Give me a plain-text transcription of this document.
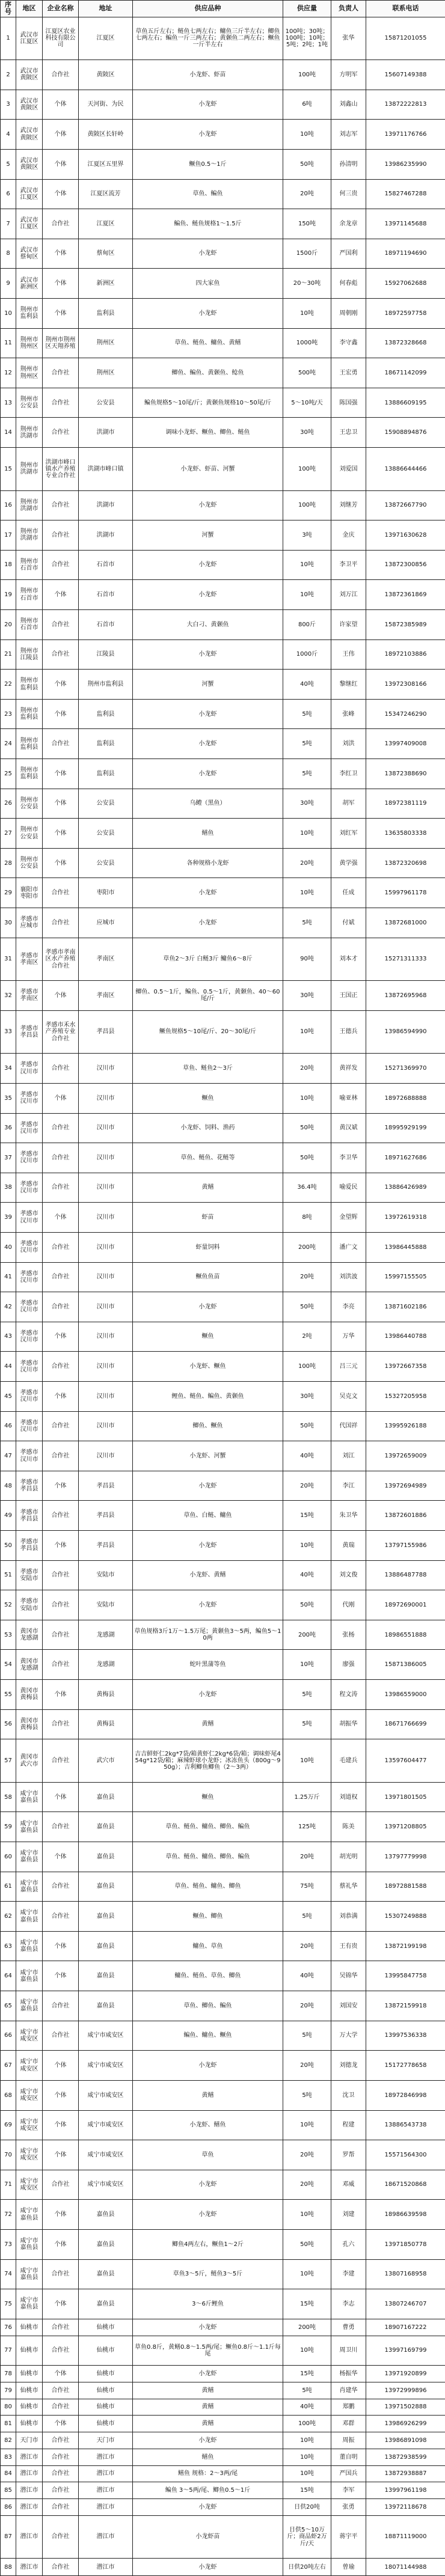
序号	地区	企业名称	地址	供应品种	供应量	负责人	联系电话
1	武汉市江夏区	江夏区农业科技有限公司	江夏区	草鱼五斤左右；鲢鱼七两左右；鳙鱼三斤半左右；鲫鱼七两左右；鳊鱼一斤三两左右；黄颡鱼二两左右；鳜鱼一斤半左右	100吨；30吨；100吨；10吨；5吨；2吨；1吨	张华	15871201055
2	武汉市黄陂区	合作社	黄陂区	小龙虾、虾苗	100吨	方明军	15607149388
3	武汉市黄陂区	个体	天河街、为民	小龙虾	6吨	刘鑫山	13872222813
4	武汉市黄陂区	个体	黄陂区长轩岭	小龙虾	10吨	刘志军	13971176766
5	武汉市黄陂区	个体	江夏区五里界	鳜鱼0.5～1斤	50吨	孙清明	13986235990
6	武汉市江夏区	个体	江夏区流芳	草鱼、鳊鱼	20吨	何三贵	15827467288
7	武汉市江夏区	合作社	江夏区	鳊鱼、鲢鱼规格1～1.5斤	150吨	余龙章	13971145688
8	武汉市蔡甸区	个体	蔡甸区	小龙虾	1500斤	严国利	18971194690
9	武汉市新洲区	个体	新洲区	四大家鱼	20～30吨	何春彪	15927062688
10	荆州市监利县	个体	监利县	小龙虾	10吨	周朝刚	18972597758
11	荆州市荆州区	荆州市荆州区天翔养殖	荆州区	草鱼、鲢鱼、鳙鱼、黄鳝	1000吨	李守鑫	13872328668
12	荆州市荆州区	合作社	荆州区	鲫鱼、鳊鱼、黄颡鱼、鲶鱼	500吨	王宏勇	18671142099
13	荆州市公安县	合作社	公安县	鳊鱼规格5～10尾/斤；黄颡鱼规格10～50尾/斤	5～10吨/天	陈国强	13886609195
14	荆州市洪湖市	合作社	洪湖市	调味小龙虾、鳜鱼、鲫鱼、鲢鱼	30吨	王忠卫	15908894876
15	荆州市洪湖市	洪湖市峰口镇水产养殖专业合作社	洪湖市峰口镇	小龙虾、虾苗、河蟹	100吨	刘爱国	13886644466
16	荆州市洪湖市	合作社	洪湖市	小龙虾	100吨	刘继芳	13872667790
17	荆州市洪湖市	合作社	洪湖市	河蟹	3吨	金庆	13971630628
18	荆州市石首市	合作社	石首市	小龙虾	10吨	李卫平	13872300856
19	荆州市石首市	个体	石首市	小龙虾	10吨	刘万江	13872361869
20	荆州市石首市	合作社	石首市	大白刁、黄颡鱼	800斤	许家望	15872385989
21	荆州市江陵县	合作社	江陵县	小龙虾	1000斤	王伟	18972103886
22	荆州市监利县	个体	荆州市监利县	河蟹	40吨	黎继红	13972308166
23	荆州市监利县	个体	监利县	小龙虾	5吨	张峰	15347246290
24	荆州市监利县	合作社	监利县	小龙虾	5吨	刘洪	13997409008
25	荆州市监利县	个体	监利县	小龙虾	5吨	李红卫	13872388690
26	荆州市公安县	个体	公安县	乌鳢（黑鱼）	30吨	胡军	18972381119
27	荆州市公安县	个体	公安县	鳝鱼	10吨	刘红军	13635803338
28	荆州市公安县	个体	公安县	各种规格小龙虾	20吨	黄学强	13872320698
29	襄阳市枣阳市	合作社	枣阳市	小龙虾	10吨	任成	15997961178
30	孝感市应城市	合作社	应城市	小龙虾	5吨	付斌	13872681000
31	孝感市孝南区	孝感市孝南区水产养殖合作社	孝南区	草鱼2～3斤 白鲢3斤 鳙鱼6～8斤	90吨	刘本才	15271311333
32	孝感市孝南区	个体	孝南区	鲫鱼、0.5～1斤，鳊鱼、0.5～1斤，黄颡鱼、40～60尾/斤	30吨	王国正	13872695968
33	孝感市孝昌县	孝感市禾水产养殖专业合作社	孝昌县	鳜鱼规格5～10尾/斤、20～30尾/斤	10吨	王德兵	13986594990
34	孝感市汉川市	合作社	汉川市	草鱼、鲢鱼2～3斤	20吨	黄祥发	15271369970
35	孝感市汉川市	个体	汉川市	鳜鱼	10吨	喻亚林	18972688888
36	孝感市汉川市	合作社	汉川市	小龙虾、饲料、渔药	50吨	黄汉斌	18995929199
37	孝感市汉川市	合作社	汉川市	草鱼、鲢鱼、花鲢等	50吨	李卫华	18971627686
38	孝感市汉川市	合作社	汉川市	黄鳝	36.4吨	喻爱民	13886426989
39	孝感市汉川市	个体	汉川市	虾苗	8吨	金望辉	13972619318
40	孝感市汉川市	合作社	汉川市	虾量饲料	200吨	潘广文	13986445888
41	孝感市汉川市	合作社	汉川市	鳜鱼鱼苗	20吨	刘洪波	15997155505
42	孝感市汉川市	合作社	汉川市	小龙虾	50吨	李亮	13871602186
43	孝感市汉川市	个体	汉川市	鳜鱼	2吨	万华	13986440788
44	孝感市汉川市	合作社	汉川市	小龙虾、鳜鱼	100吨	吕三元	13972667358
45	孝感市汉川市	个体	汉川市	鲤鱼、鲢鱼、鳊鱼、黄颡鱼	30吨	吴克文	15327205958
46	孝感市汉川市	合作社	汉川市	鲫鱼、鳜鱼	50吨	代国祥	13995926188
47	孝感市汉川市	合作社	汉川市	小龙虾、河蟹	40吨	刘江	13972659009
48	孝感市孝昌县	个体	孝昌县	小龙虾	20吨	李江	13972694989
49	孝感市孝昌县	合作社	孝昌县	草鱼、白鲢、鳙鱼	15吨	朱卫华	13872601886
50	孝感市孝昌县	个体	孝昌县	小龙虾	10吨	黄瑞	13797155986
51	孝感市安陆市	合作社	安陆市	小龙虾、黄鳝	40吨	刘文俊	13886487788
52	孝感市安陆市	合作社	安陆市	小龙虾	50吨	代刚	18972690001
53	黄冈市龙感湖	合作社	龙感湖	草鱼规格3斤1万～1.5万尾；黄颡鱼3～5两，鳊鱼5～10两	200吨	张杨	18986551888
54	黄冈市龙感湖	合作社	龙感湖	蛇叶黑蒲等鱼	10吨	廖强	15871386005
55	黄冈市黄梅县	个体	黄梅县	小龙虾	5吨	程文涛	13986559000
56	黄冈市黄梅县	合作社	黄梅县	黄鳝	5吨	胡振华	18671766699
57	黄冈市武穴市	合作社	武穴市	吉吉鲜虾仁2kg*7袋/箱黄虾仁2kg*6袋/箱；调味虾尾454g*12袋/箱；麻辣虾球小龙虾；冰冻鱼头（800g～950g）；吉利鲫鱼鲫鱼（2～3两）	10吨	毛建兵	13597604477
58	咸宁市嘉鱼县	个体	嘉鱼县	鳜鱼	1.25万斤	刘道权	13971801505
59	咸宁市嘉鱼县	合作社	嘉鱼县	草鱼、鲢鱼、鳙鱼、鲫鱼、鳊鱼	125吨	陈美	13971208805
60	咸宁市嘉鱼县	个体	嘉鱼县	草鱼、鲢鱼、鳙鱼、鲫鱼、鳊鱼	20吨	胡光明	13797779998
61	咸宁市嘉鱼县	合作社	嘉鱼县	草鱼、鲢鱼、鳙鱼、鲫鱼	75吨	蔡礼华	18972881588
62	咸宁市嘉鱼县	合作社	嘉鱼县	鳜鱼、鲫鱼	5吨	刘恭满	15307249888
63	咸宁市嘉鱼县	个体	嘉鱼县	鳙鱼、草鱼	20吨	王有贵	13872199198
64	咸宁市嘉鱼县	个体	嘉鱼县	鳙鱼、鲢鱼、草鱼、鲫鱼	40吨	吴锦华	13995847758
65	咸宁市嘉鱼县	合作社	嘉鱼县	草鱼、鲫鱼、鳊鱼	20吨	刘国安	13872159918
66	咸宁市咸安区	合作社	咸宁市咸安区	鳊鱼、鳙鱼、鳜鱼	5吨	万大学	13997536338
67	咸宁市咸安区	个体	咸宁市咸安区	小龙虾	20吨	刘德龙	15172778658
68	咸宁市咸安区	个体	咸宁市咸安区	黄鳝	5吨	沈卫	18972846998
69	咸宁市咸安区	个体	咸宁市咸安区	小龙虾、鳝鱼	10吨	程建	13886543738
70	咸宁市咸安区	个体	咸宁市咸安区	草鱼	20吨	罗帮	15571564300
71	咸宁市咸安区	合作社	咸宁市咸安区	小龙虾	20吨	邓威	18671520868
72	咸宁市嘉鱼县	个体	嘉鱼县	小龙虾	10吨	刘建	18986639598
73	咸宁市嘉鱼县	个体	嘉鱼县	鲫鱼4两左右，鳜鱼1～2斤	50吨	孔六	13971850778
74	咸宁市嘉鱼县	合作社	嘉鱼县	草鱼3～5斤，鲢鱼3～5斤	10吨	李建	13807168958
75	咸宁市嘉鱼县	个体	嘉鱼县	3～6斤鲤鱼	15吨	李志	13807246707
76	仙桃市	合作社	仙桃市	小龙虾	200吨	曹勇	18907167222
77	仙桃市	合作社	仙桃市	草鱼0.8斤，黄鳝0.8～1.5两/尾；鳜鱼0.8斤～1.1斤每尾	10吨	周卫川	13997169799
78	仙桃市	个体	仙桃市	小龙虾	15吨	杨振华	13971920899
79	仙桃市	合作社	仙桃市	黄鳝	5吨	肖建华	13972999896
80	仙桃市	合作社	仙桃市	黄鳝	40吨	郑鹏	13971502888
81	仙桃市	个体	仙桃市	黄鳝	100吨	邓群	13986926299
82	天门市	合作社	天门市	小龙虾	10吨	周振	13986891098
83	潜江市	合作社	潜江市	鳝鱼	10吨	董自明	13872938599
84	潜江市	合作社	潜江市	鳝鱼 规格：2～3两/尾	10吨	严国兵	13872938887
85	潜江市	合作社	潜江市	鳊鱼 3～5两/尾、鲫鱼0.5～1斤	15吨	李军	13997961198
86	潜江市	合作社	潜江市	小龙虾	日供20吨	张勇	13972118678
87	潜江市	合作社	潜江市	小龙虾苗	日供5～10万斤；商品虾2万斤/天	蒋宇平	18871119000
88	潜江市	合作社	潜江市	小龙虾	日供20吨左右	曾瑜	18071144988
